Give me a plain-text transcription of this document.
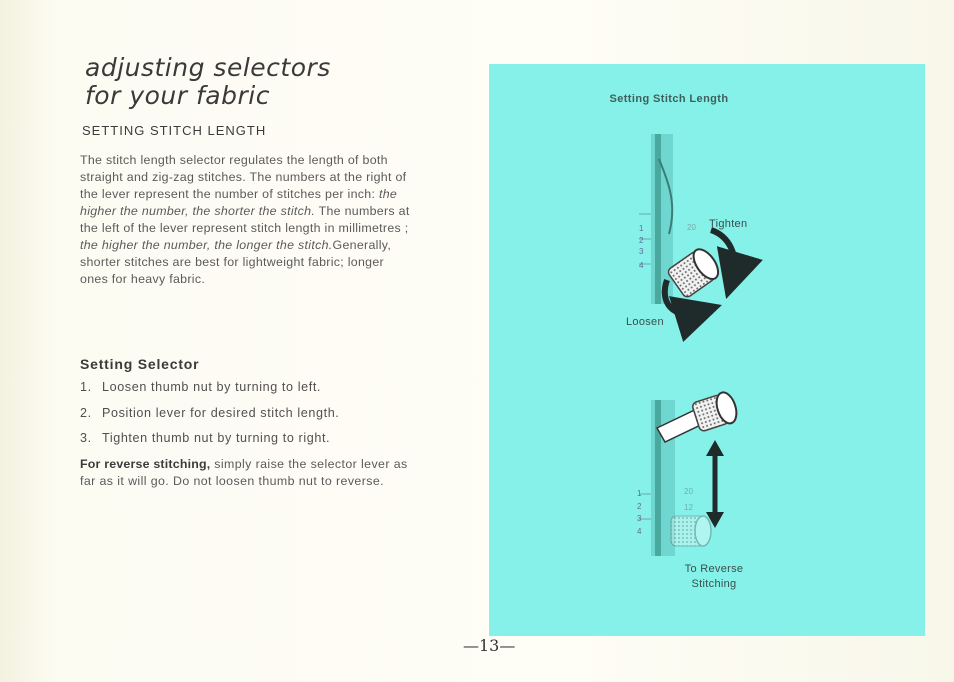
adjusting selectors
for your fabric
SETTING STITCH LENGTH

The stitch length selector regulates the length of both straight and zig-zag stitches. The numbers at the right of the lever represent the number of stitches per inch: the higher the number, the shorter the stitch. The numbers at the left of the lever represent stitch length in millimetres ; the higher the number, the longer the stitch.Generally, shorter stitches are best for lightweight fabric; longer ones for heavy fabric.

Setting Selector
1. Loosen thumb nut by turning to left.
2. Position lever for desired stitch length.
3. Tighten thumb nut by turning to right.

For reverse stitching, simply raise the selector lever as far as it will go. Do not loosen thumb nut to reverse.

1
2
3
4
20
1
2
3
4
20
12
Setting Stitch Length
Tighten
Loosen
To Reverse
Stitching

—13—
